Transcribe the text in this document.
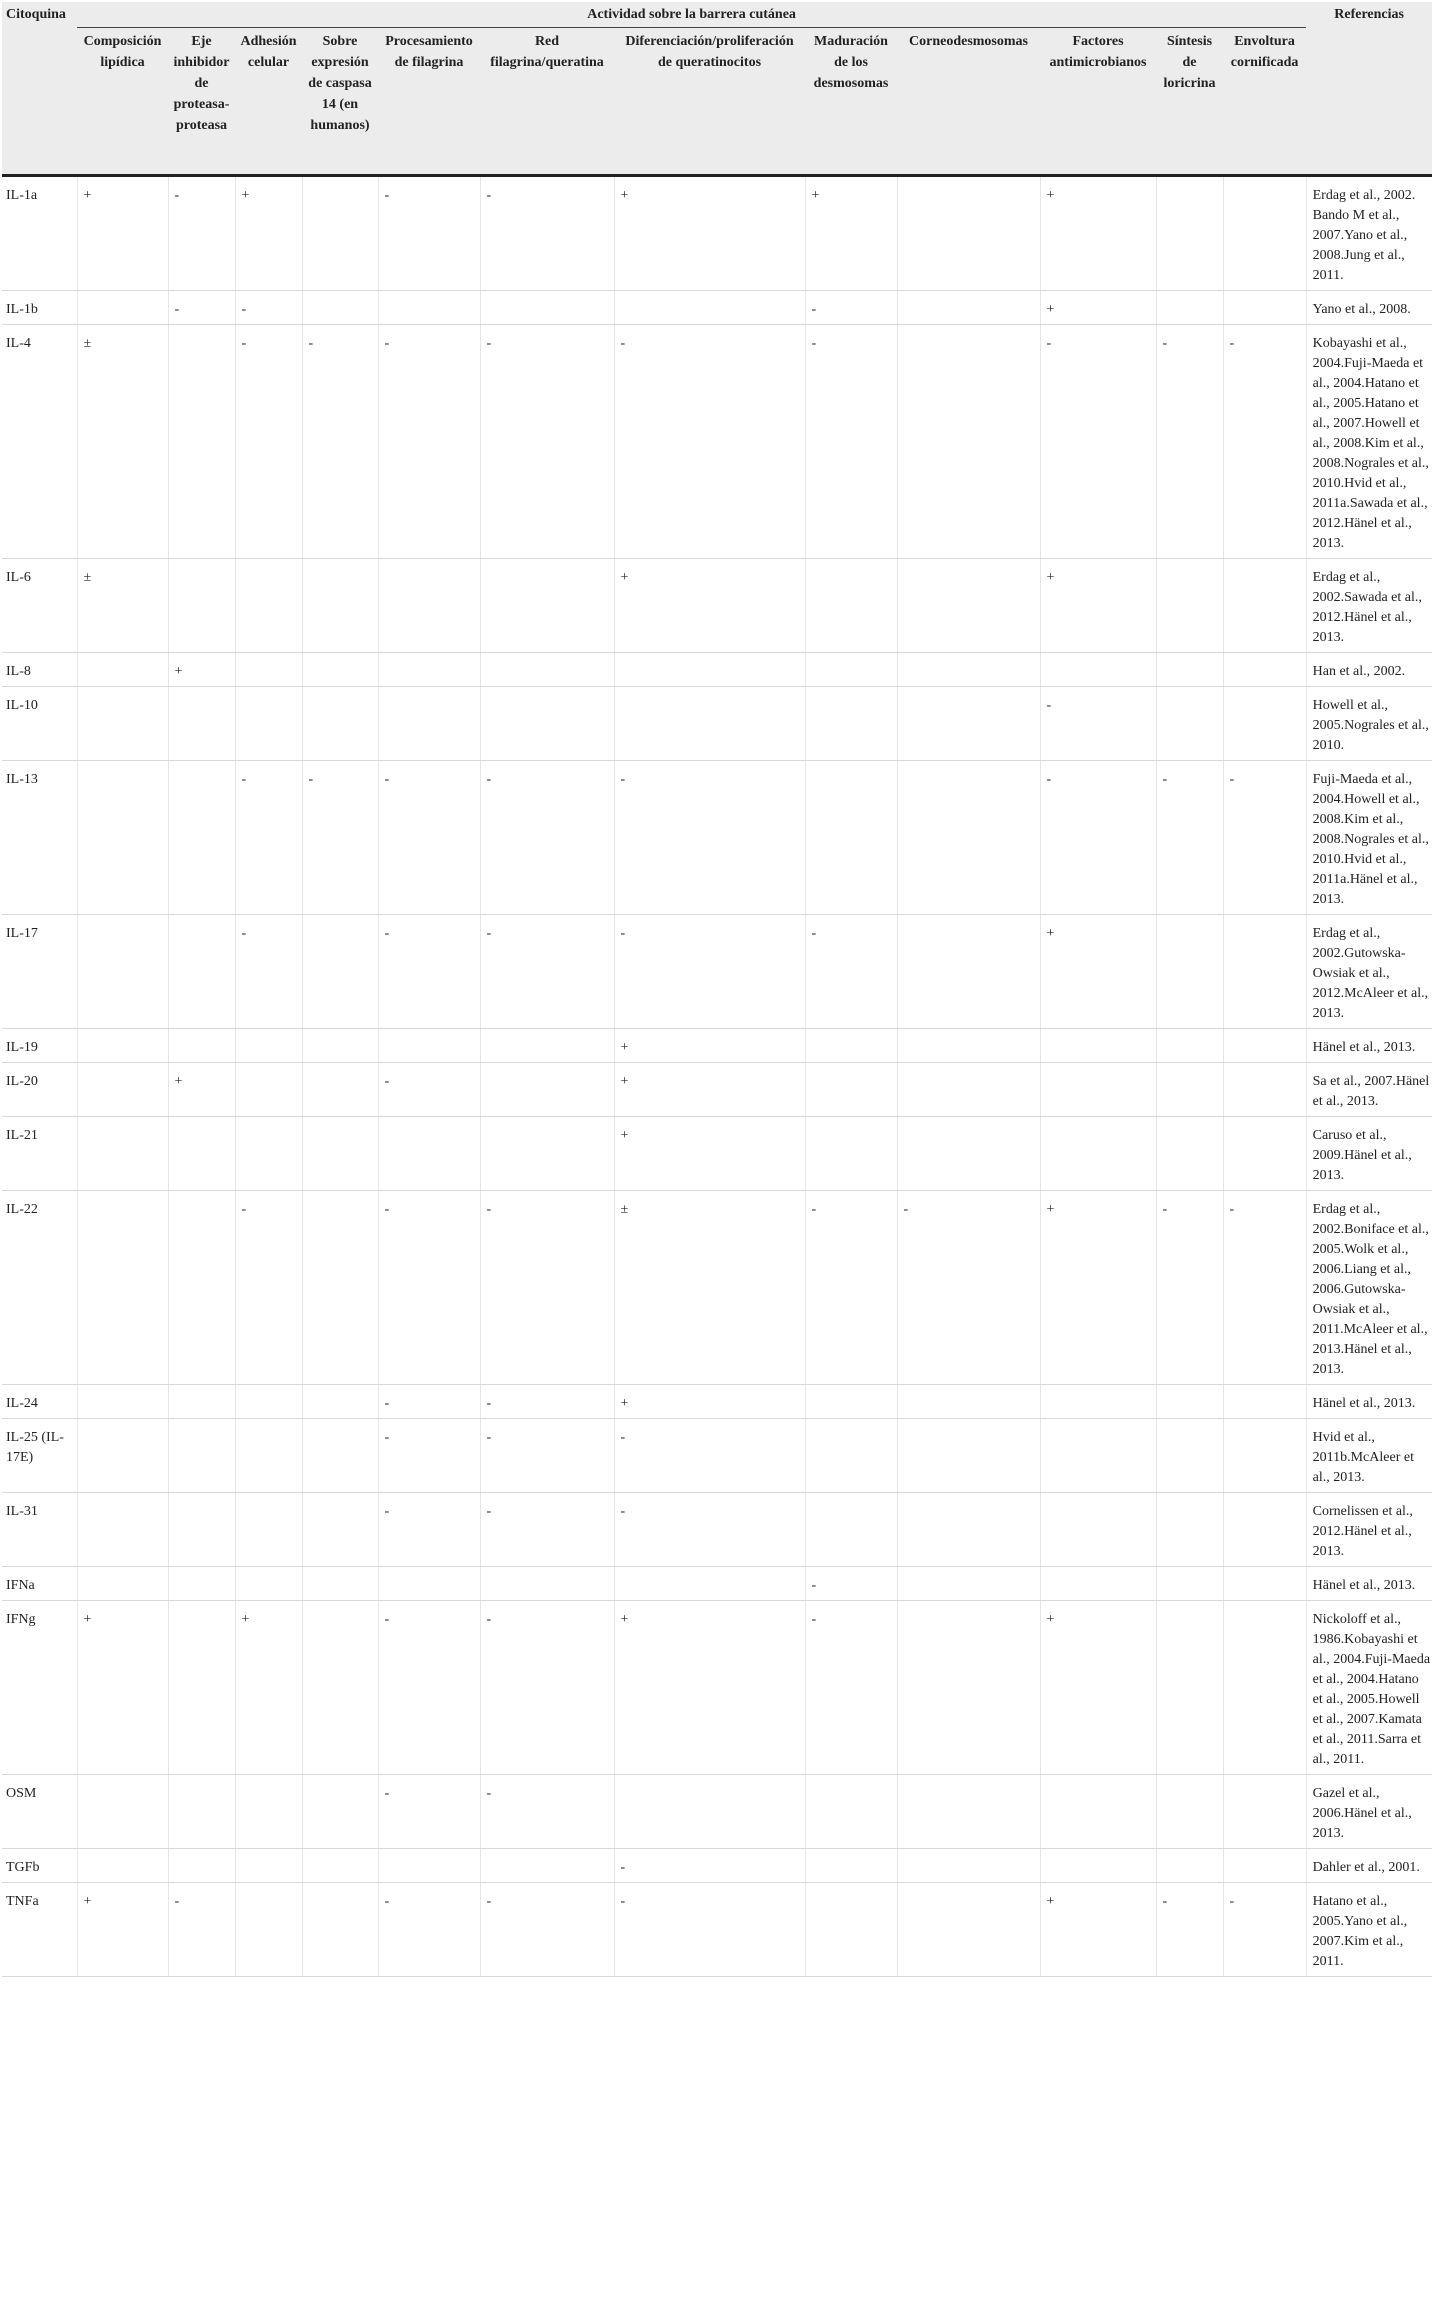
Citoquina	Actividad sobre la barrera cutánea												Referencias
	Composición lipídica	Eje inhibidor de proteasa-proteasa	Adhesión celular	Sobre expresión de caspasa 14 (en humanos)	Procesamiento de filagrina	Red filagrina/queratina	Diferenciación/proliferación de queratinocitos	Maduración de los desmosomas	Corneodesmosomas	Factores antimicrobianos	Síntesis de loricrina	Envoltura cornificada	
IL-1a	+	-	+		-	-	+	+		+			Erdag et al., 2002. Bando M et al., 2007.Yano et al., 2008.Jung et al., 2011.
IL-1b		-	-					-		+			Yano et al., 2008.
IL-4	±		-	-	-	-	-	-		-	-	-	Kobayashi et al., 2004.Fuji-Maeda et al., 2004.Hatano et al., 2005.Hatano et al., 2007.Howell et al., 2008.Kim et al., 2008.Nograles et al., 2010.Hvid et al., 2011a.Sawada et al., 2012.Hänel et al., 2013.
IL-6	±						+			+			Erdag et al., 2002.Sawada et al., 2012.Hänel et al., 2013.
IL-8		+											Han et al., 2002.
IL-10										-			Howell et al., 2005.Nograles et al., 2010.
IL-13			-	-	-	-	-			-	-	-	Fuji-Maeda et al., 2004.Howell et al., 2008.Kim et al., 2008.Nograles et al., 2010.Hvid et al., 2011a.Hänel et al., 2013.
IL-17			-		-	-	-	-		+			Erdag et al., 2002.Gutowska-Owsiak et al., 2012.McAleer et al., 2013.
IL-19							+						Hänel et al., 2013.
IL-20		+			-		+						Sa et al., 2007.Hänel et al., 2013.
IL-21							+						Caruso et al., 2009.Hänel et al., 2013.
IL-22			-		-	-	±	-	-	+	-	-	Erdag et al., 2002.Boniface et al., 2005.Wolk et al., 2006.Liang et al., 2006.Gutowska-Owsiak et al., 2011.McAleer et al., 2013.Hänel et al., 2013.
IL-24					-	-	+						Hänel et al., 2013.
IL-25 (IL-17E)					-	-	-						Hvid et al., 2011b.McAleer et al., 2013.
IL-31					-	-	-						Cornelissen et al., 2012.Hänel et al., 2013.
IFNa								-					Hänel et al., 2013.
IFNg	+		+		-	-	+	-		+			Nickoloff et al., 1986.Kobayashi et al., 2004.Fuji-Maeda et al., 2004.Hatano et al., 2005.Howell et al., 2007.Kamata et al., 2011.Sarra et al., 2011.
OSM					-	-							Gazel et al., 2006.Hänel et al., 2013.
TGFb							-						Dahler et al., 2001.
TNFa	+	-			-	-	-			+	-	-	Hatano et al., 2005.Yano et al., 2007.Kim et al., 2011.
